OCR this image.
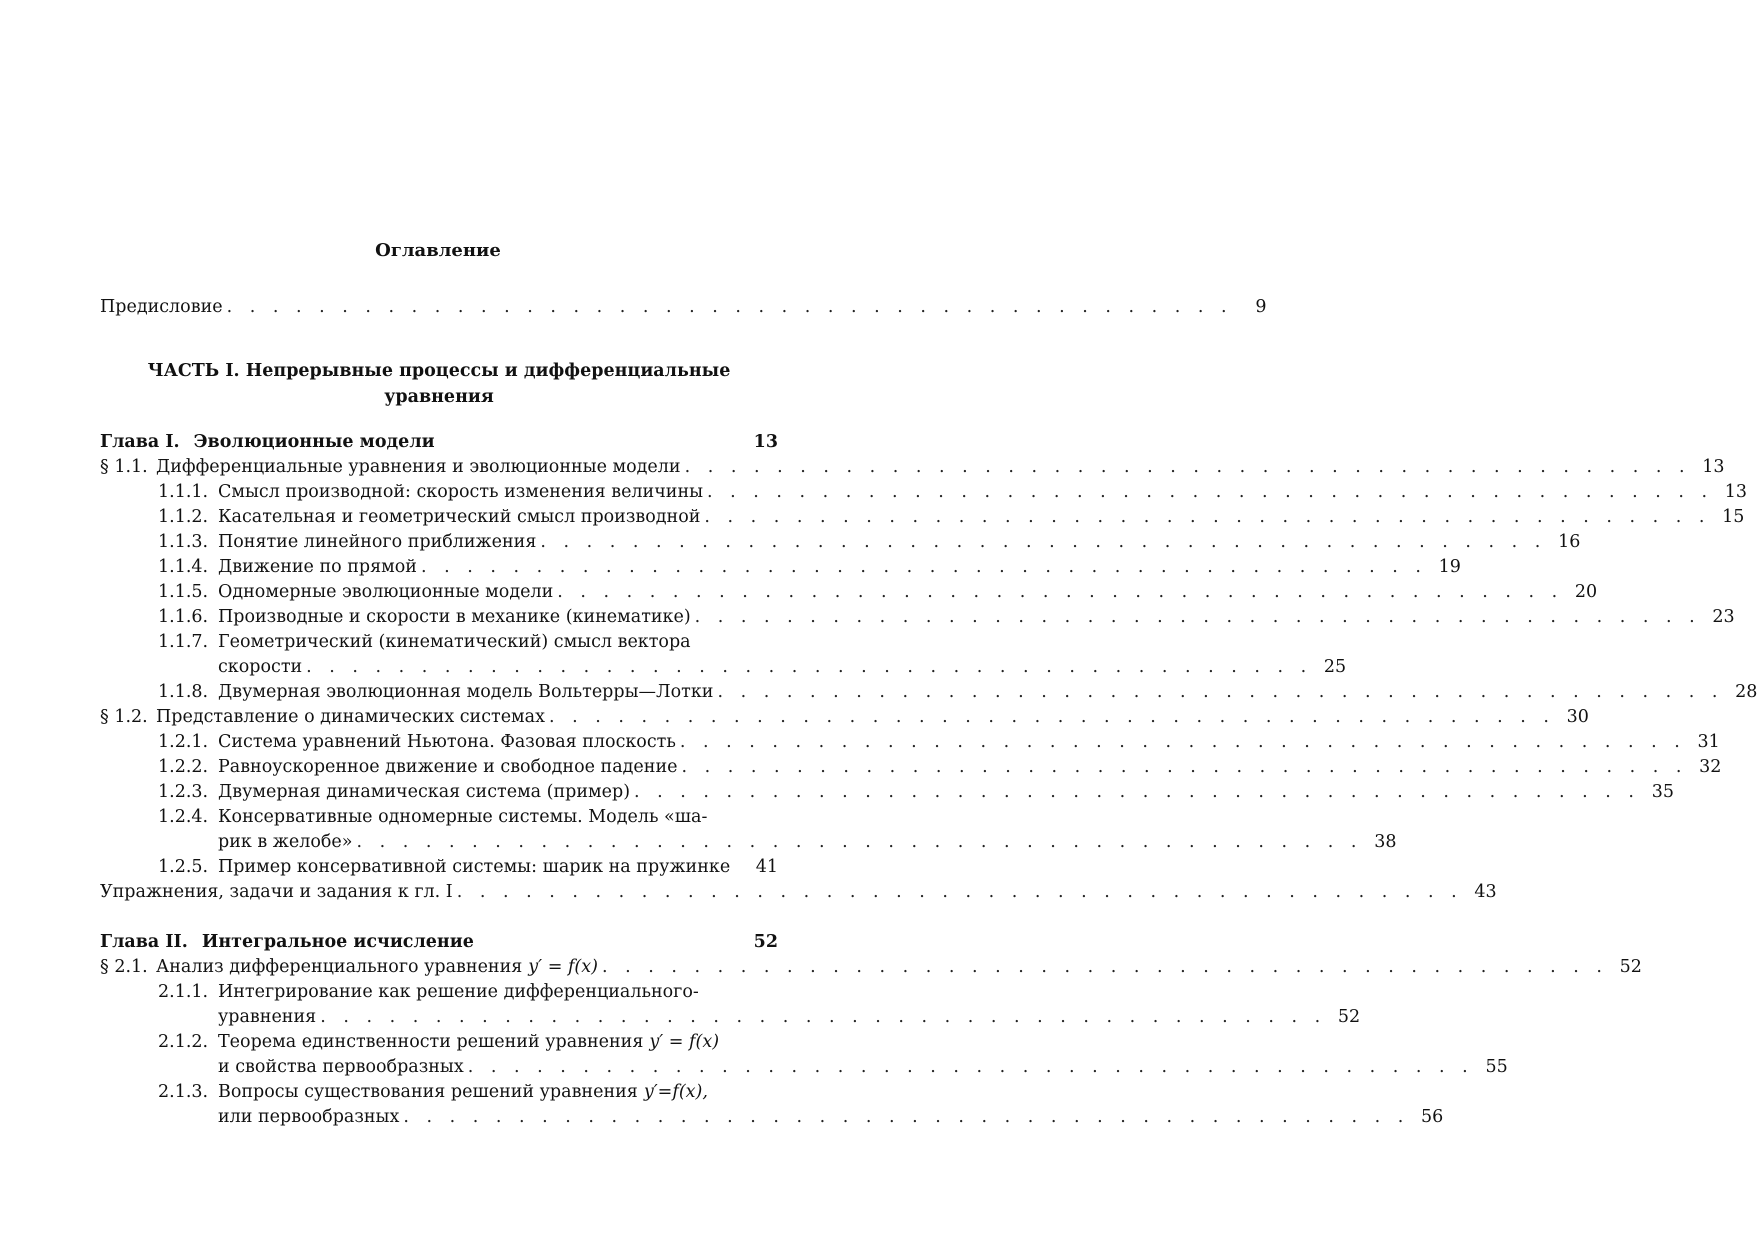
Оглавление
Предисловие . . . . . . . . . . . . . . . . . . . . . . . . . . . . . . . . . . . . . . . . . . . .	9
ЧАСТЬ I. Непрерывные процессы и дифференциальные
уравнения
Глава I. Эволюционные модели	13
§ 1.1. Дифференциальные уравнения и эволюционные модели . . . . . . . . . . . . . . . . . . . . . . . . . . . . . . . . . . . . . . . . . . . . 13
1.1.1. Смысл производной: скорость изменения величины . . . . . . . . . . . . . . . . . . . . . . . . . . . . . . . . . . . . . . . . . . . . 13
1.1.2. Касательная и геометрический смысл производной . . . . . . . . . . . . . . . . . . . . . . . . . . . . . . . . . . . . . . . . . . . . 15
1.1.3. Понятие линейного приближения . . . . . . . . . . . . . . . . . . . . . . . . . . . . . . . . . . . . . . . . . . . . 16
1.1.4. Движение по прямой . . . . . . . . . . . . . . . . . . . . . . . . . . . . . . . . . . . . . . . . . . . . 19
1.1.5. Одномерные эволюционные модели . . . . . . . . . . . . . . . . . . . . . . . . . . . . . . . . . . . . . . . . . . . . 20
1.1.6. Производные и скорости в механике (кинематике) . . . . . . . . . . . . . . . . . . . . . . . . . . . . . . . . . . . . . . . . . . . . 23
1.1.7. Геометрический (кинематический) смысл вектора
скорости . . . . . . . . . . . . . . . . . . . . . . . . . . . . . . . . . . . . . . . . . . . . 25
1.1.8. Двумерная эволюционная модель Вольтерры—Лотки . . . . . . . . . . . . . . . . . . . . . . . . . . . . . . . . . . . . . . . . . . . . 28
§ 1.2. Представление о динамических системах . . . . . . . . . . . . . . . . . . . . . . . . . . . . . . . . . . . . . . . . . . . . 30
1.2.1. Система уравнений Ньютона. Фазовая плоскость . . . . . . . . . . . . . . . . . . . . . . . . . . . . . . . . . . . . . . . . . . . . 31
1.2.2. Равноускоренное движение и свободное падение . . . . . . . . . . . . . . . . . . . . . . . . . . . . . . . . . . . . . . . . . . . . 32
1.2.3. Двумерная динамическая система (пример) . . . . . . . . . . . . . . . . . . . . . . . . . . . . . . . . . . . . . . . . . . . . 35
1.2.4. Консервативные одномерные системы. Модель «ша-
рик в желобе» . . . . . . . . . . . . . . . . . . . . . . . . . . . . . . . . . . . . . . . . . . . . 38
1.2.5. Пример консервативной системы: шарик на пружинке	41
Упражнения, задачи и задания к гл. I . . . . . . . . . . . . . . . . . . . . . . . . . . . . . . . . . . . . . . . . . . . . 43
Глава II. Интегральное исчисление	52
§ 2.1. Анализ дифференциального уравнения y′ = f(x) . . . . . . . . . . . . . . . . . . . . . . . . . . . . . . . . . . . . . . . . . . . . 52
2.1.1. Интегрирование как решение дифференциального-
уравнения . . . . . . . . . . . . . . . . . . . . . . . . . . . . . . . . . . . . . . . . . . . . 52
2.1.2. Теорема единственности решений уравнения y′ = f(x)
и свойства первообразных . . . . . . . . . . . . . . . . . . . . . . . . . . . . . . . . . . . . . . . . . . . . 55
2.1.3. Вопросы существования решений уравнения y′=f(x),
или первообразных . . . . . . . . . . . . . . . . . . . . . . . . . . . . . . . . . . . . . . . . . . . . 56
